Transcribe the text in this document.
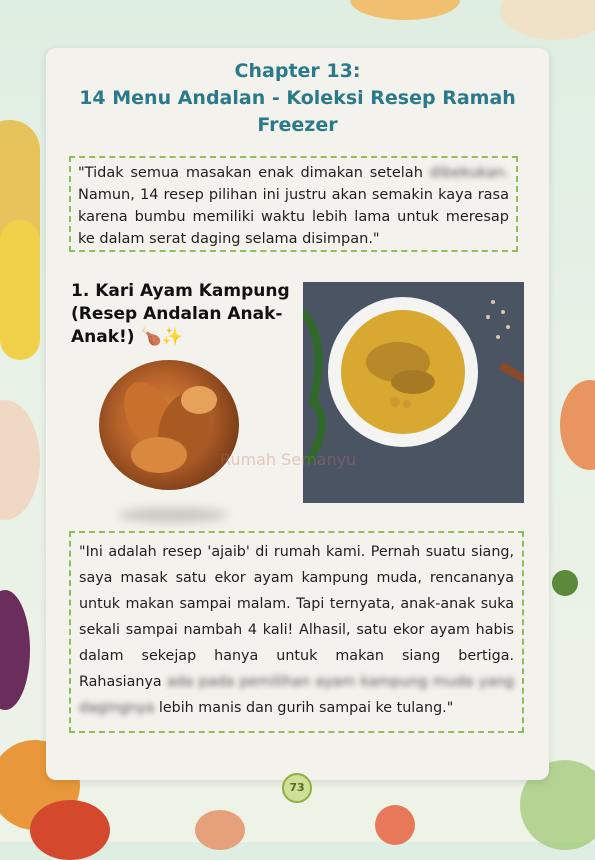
Chapter 13:
14 Menu Andalan - Koleksi Resep Ramah
Freezer
"Tidak semua masakan enak dimakan setelah dibekukan. Namun, 14 resep pilihan ini justru akan semakin kaya rasa karena bumbu memiliki waktu lebih lama untuk meresap ke dalam serat daging selama disimpan."
1. Kari Ayam Kampung (Resep Andalan Anak-Anak!) 🍗✨
Rumah Semanyu
"Ini adalah resep 'ajaib' di rumah kami. Pernah suatu siang, saya masak satu ekor ayam kampung muda, rencananya untuk makan sampai malam. Tapi ternyata, anak-anak suka sekali sampai nambah 4 kali! Alhasil, satu ekor ayam habis dalam sekejap hanya untuk makan siang bertiga. Rahasianya ada pada pemilihan ayam kampung muda yang dagingnya lebih manis dan gurih sampai ke tulang."
73
